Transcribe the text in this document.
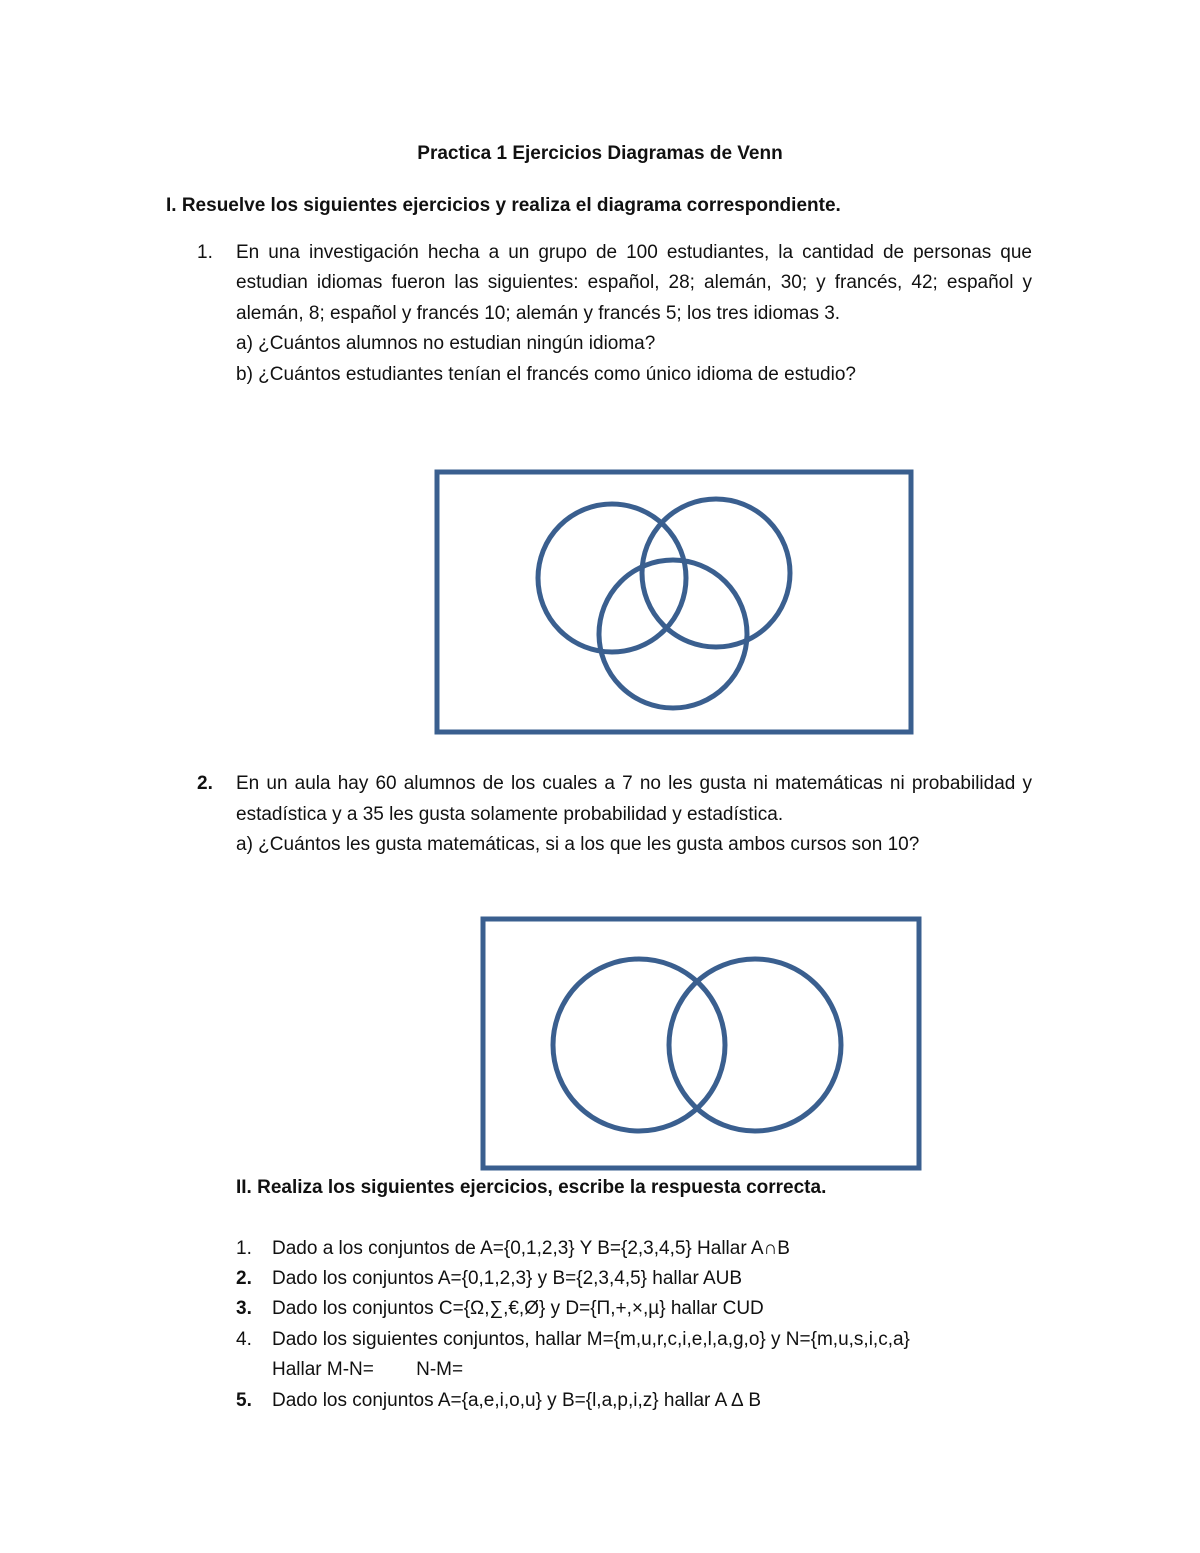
Practica 1 Ejercicios Diagramas de Venn
I. Resuelve los siguientes ejercicios y realiza el diagrama correspondiente.
1. En una investigación hecha a un grupo de 100 estudiantes, la cantidad de personas que
estudian idiomas fueron las siguientes: español, 28; alemán, 30; y francés, 42; español y
alemán, 8; español y francés 10; alemán y francés 5; los tres idiomas 3.
a) ¿Cuántos alumnos no estudian ningún idioma?
b) ¿Cuántos estudiantes tenían el francés como único idioma de estudio?
2. En un aula hay 60 alumnos de los cuales a 7 no les gusta ni matemáticas ni probabilidad y
estadística y a 35 les gusta solamente probabilidad y estadística.
a) ¿Cuántos les gusta matemáticas, si a los que les gusta ambos cursos son 10?
II. Realiza los siguientes ejercicios, escribe la respuesta correcta.
1. Dado a los conjuntos de A={0,1,2,3} Y B={2,3,4,5} Hallar A∩B
2. Dado los conjuntos A={0,1,2,3} y B={2,3,4,5} hallar AUB
3. Dado los conjuntos C={Ω,∑,€,Ø} y D={Π,+,×,µ} hallar CUD
4. Dado los siguientes conjuntos, hallar M={m,u,r,c,i,e,l,a,g,o} y N={m,u,s,i,c,a}
Hallar M-N=        N-M=
5. Dado los conjuntos A={a,e,i,o,u} y B={l,a,p,i,z} hallar A ∆ B
